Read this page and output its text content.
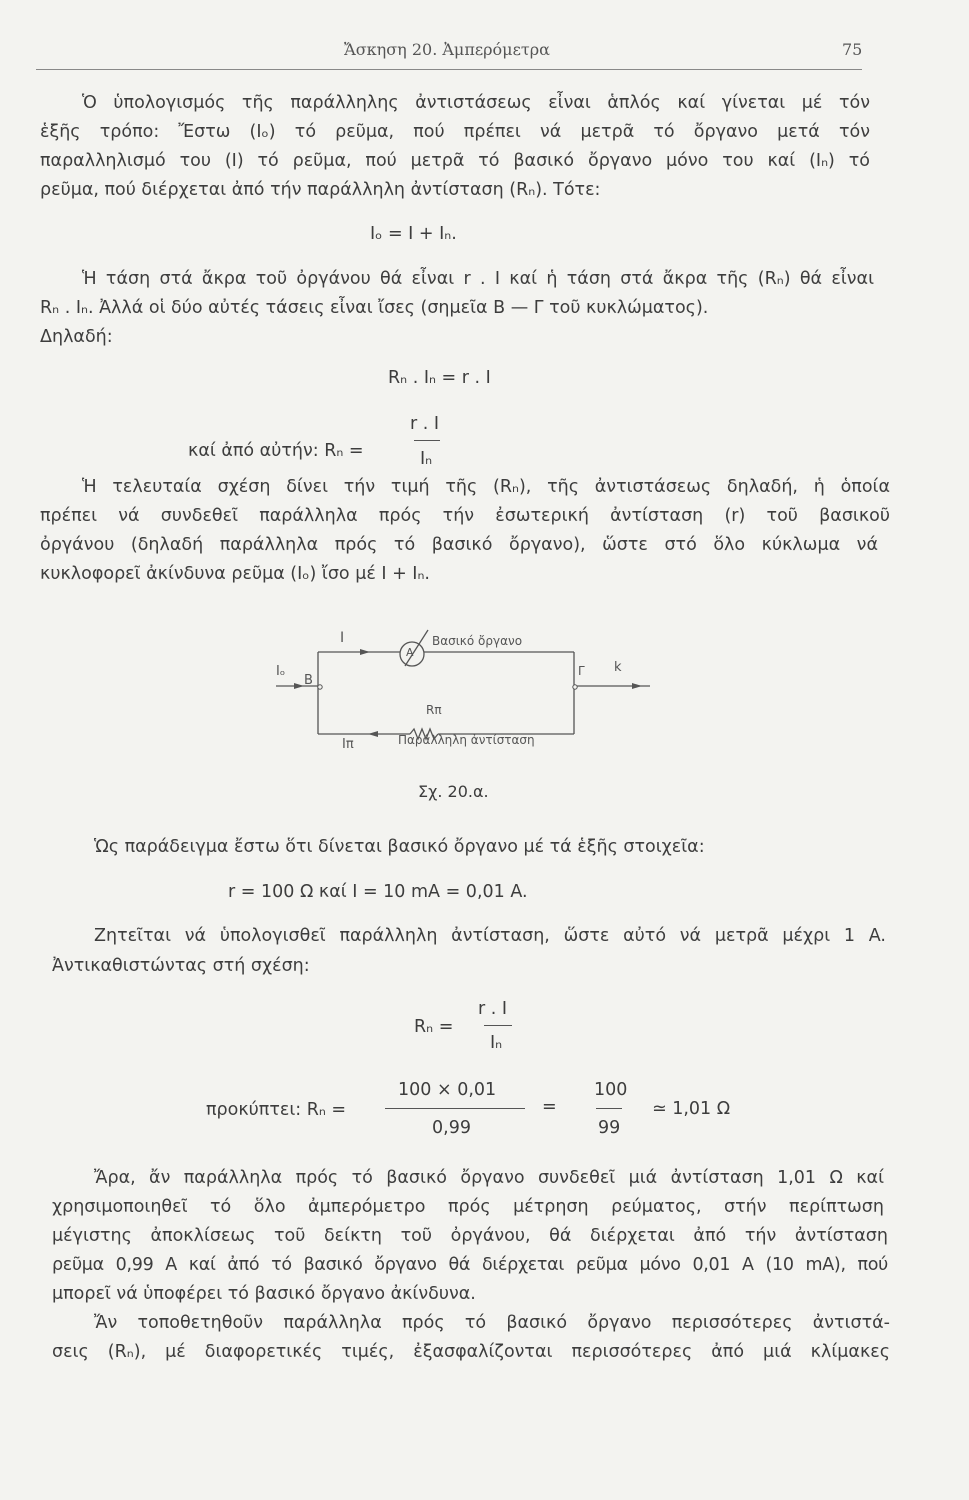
Ἄσκηση 20. Ἀμπερόμετρα	75
Ὁ ὑπολογισμός τῆς παράλληλης ἀντιστάσεως εἶναι ἁπλός καί γίνεται μέ τόν
ἑξῆς τρόπο: Ἔστω (Iₒ) τό ρεῦμα, πού πρέπει νά μετρᾶ τό ὄργανο μετά τόν
παραλληλισμό του (I) τό ρεῦμα, πού μετρᾶ τό βασικό ὄργανο μόνο του καί (Iₙ) τό
ρεῦμα, πού διέρχεται ἀπό τήν παράλληλη ἀντίσταση (Rₙ). Τότε:
Iₒ = I + Iₙ.
Ἡ τάση στά ἄκρα τοῦ ὀργάνου θά εἶναι r . I καί ἡ τάση στά ἄκρα τῆς (Rₙ) θά εἶναι
Rₙ . Iₙ. Ἀλλά οἱ δύο αὐτές τάσεις εἶναι ἴσες (σημεῖα Β — Γ τοῦ κυκλώματος).
Δηλαδή:
Rₙ . Iₙ = r . I
καί ἀπό αὐτήν: Rₙ =
r . I
Iₙ
Ἡ τελευταία σχέση δίνει τήν τιμή τῆς (Rₙ), τῆς ἀντιστάσεως δηλαδή, ἡ ὁποία
πρέπει νά συνδεθεῖ παράλληλα πρός τήν ἐσωτερική ἀντίσταση (r) τοῦ βασικοῦ
ὀργάνου (δηλαδή παράλληλα πρός τό βασικό ὄργανο), ὥστε στό ὅλο κύκλωμα νά
κυκλοφορεῖ ἀκίνδυνα ρεῦμα (Iₒ) ἴσο μέ I + Iₙ.
I
A
Βασικό ὄργανο
Iₒ
B
Γ k
Rπ
Iπ	Παράλληλη ἀντίσταση
Σχ. 20.α.
Ὡς παράδειγμα ἔστω ὅτι δίνεται βασικό ὄργανο μέ τά ἑξῆς στοιχεῖα:
r = 100 Ω καί I = 10 mA = 0,01 A.
Ζητεῖται νά ὑπολογισθεῖ παράλληλη ἀντίσταση, ὥστε αὐτό νά μετρᾶ μέχρι 1 A.
Ἀντικαθιστώντας στή σχέση:
Rₙ =
r . I
Iₙ
προκύπτει: Rₙ =
100 × 0,01
0,99
=
100
99
≃ 1,01 Ω
Ἄρα, ἄν παράλληλα πρός τό βασικό ὄργανο συνδεθεῖ μιά ἀντίσταση 1,01 Ω καί
χρησιμοποιηθεῖ τό ὅλο ἀμπερόμετρο πρός μέτρηση ρεύματος, στήν περίπτωση
μέγιστης ἀποκλίσεως τοῦ δείκτη τοῦ ὀργάνου, θά διέρχεται ἀπό τήν ἀντίσταση
ρεῦμα 0,99 A καί ἀπό τό βασικό ὄργανο θά διέρχεται ρεῦμα μόνο 0,01 A (10 mA), πού
μπορεῖ νά ὑποφέρει τό βασικό ὄργανο ἀκίνδυνα.
Ἄν τοποθετηθοῦν παράλληλα πρός τό βασικό ὄργανο περισσότερες ἀντιστά-
σεις (Rₙ), μέ διαφορετικές τιμές, ἐξασφαλίζονται περισσότερες ἀπό μιά κλίμακες
